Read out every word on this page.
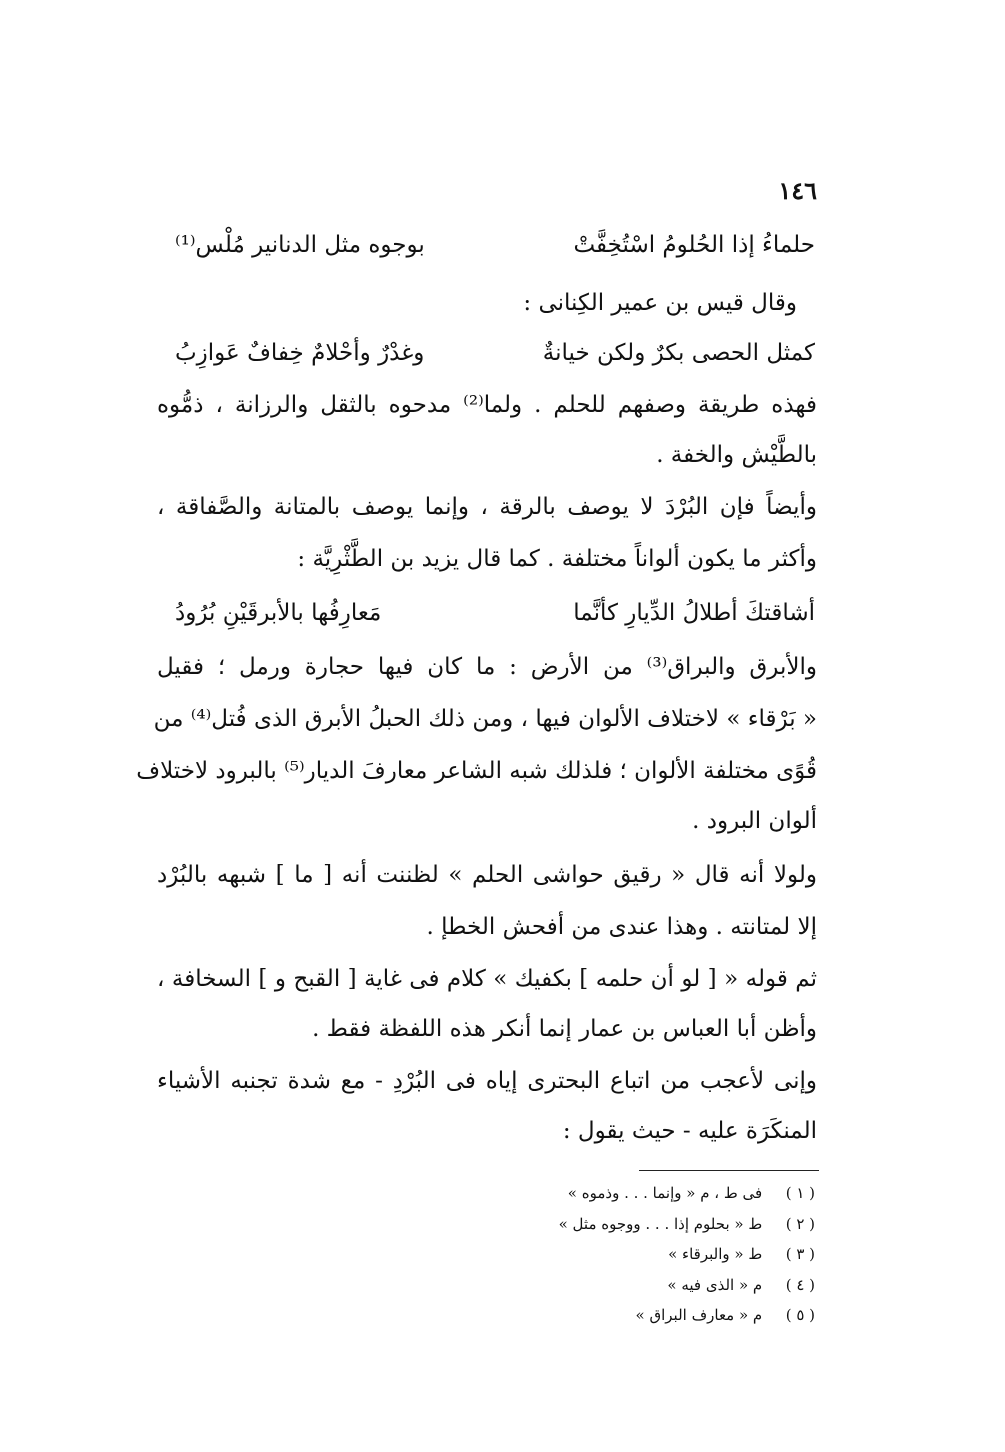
١٤٦
حلماءُ إذا الحُلومُ اسْتُخِفَّتْ
بوجوه مثل الدنانير مُلْس⁽¹⁾
وقال قيس بن عمير الكِنانى :
كمثل الحصى بكرٌ ولكن خيانةٌ
وغدْرٌ وأحْلامٌ خِفافٌ عَوازِبُ
فهذه طريقة وصفهم للحلم . ولما⁽²⁾ مدحوه بالثقل والرزانة ، ذمُّوه
بالطَّيْش والخفة .
وأيضاً فإن البُرْدَ لا يوصف بالرقة ، وإنما يوصف بالمتانة والصَّفاقة ،
وأكثر ما يكون ألواناً مختلفة . كما قال يزيد بن الطَّثْرِيَّة :
أشاقتكَ أطلالُ الدِّيارِ كأنَّما
مَعارِفُها بالأبرقَيْنِ بُرُودُ
والأبرق والبراق⁽³⁾ من الأرض : ما كان فيها حجارة ورمل ؛ فقيل
« بَرْقاء » لاختلاف الألوان فيها ، ومن ذلك الحبلُ الأبرق الذى فُتل⁽⁴⁾ من
قُوًى مختلفة الألوان ؛ فلذلك شبه الشاعر معارفَ الديار⁽⁵⁾ بالبرود لاختلاف
ألوان البرود .
ولولا أنه قال « رقيق حواشى الحلم » لظننت أنه [ ما ] شبهه بالبُرْد
إلا لمتانته . وهذا عندى من أفحش الخطإ .
ثم قوله « [ لو أن حلمه ] بكفيك » كلام فى غاية [ القبح و ] السخافة ،
وأظن أبا العباس بن عمار إنما أنكر هذه اللفظة فقط .
وإنى لأعجب من اتباع البحترى إياه فى البُرْدِ - مع شدة تجنبه الأشياء
المنكَرَة عليه - حيث يقول :
( ١ ) فى ط ، م « وإنما . . . وذموه »
( ٢ ) ط « بحلوم إذا . . . ووجوه مثل »
( ٣ ) ط « والبرقاء »
( ٤ ) م « الذى فيه »
( ٥ ) م « معارف البراق »
